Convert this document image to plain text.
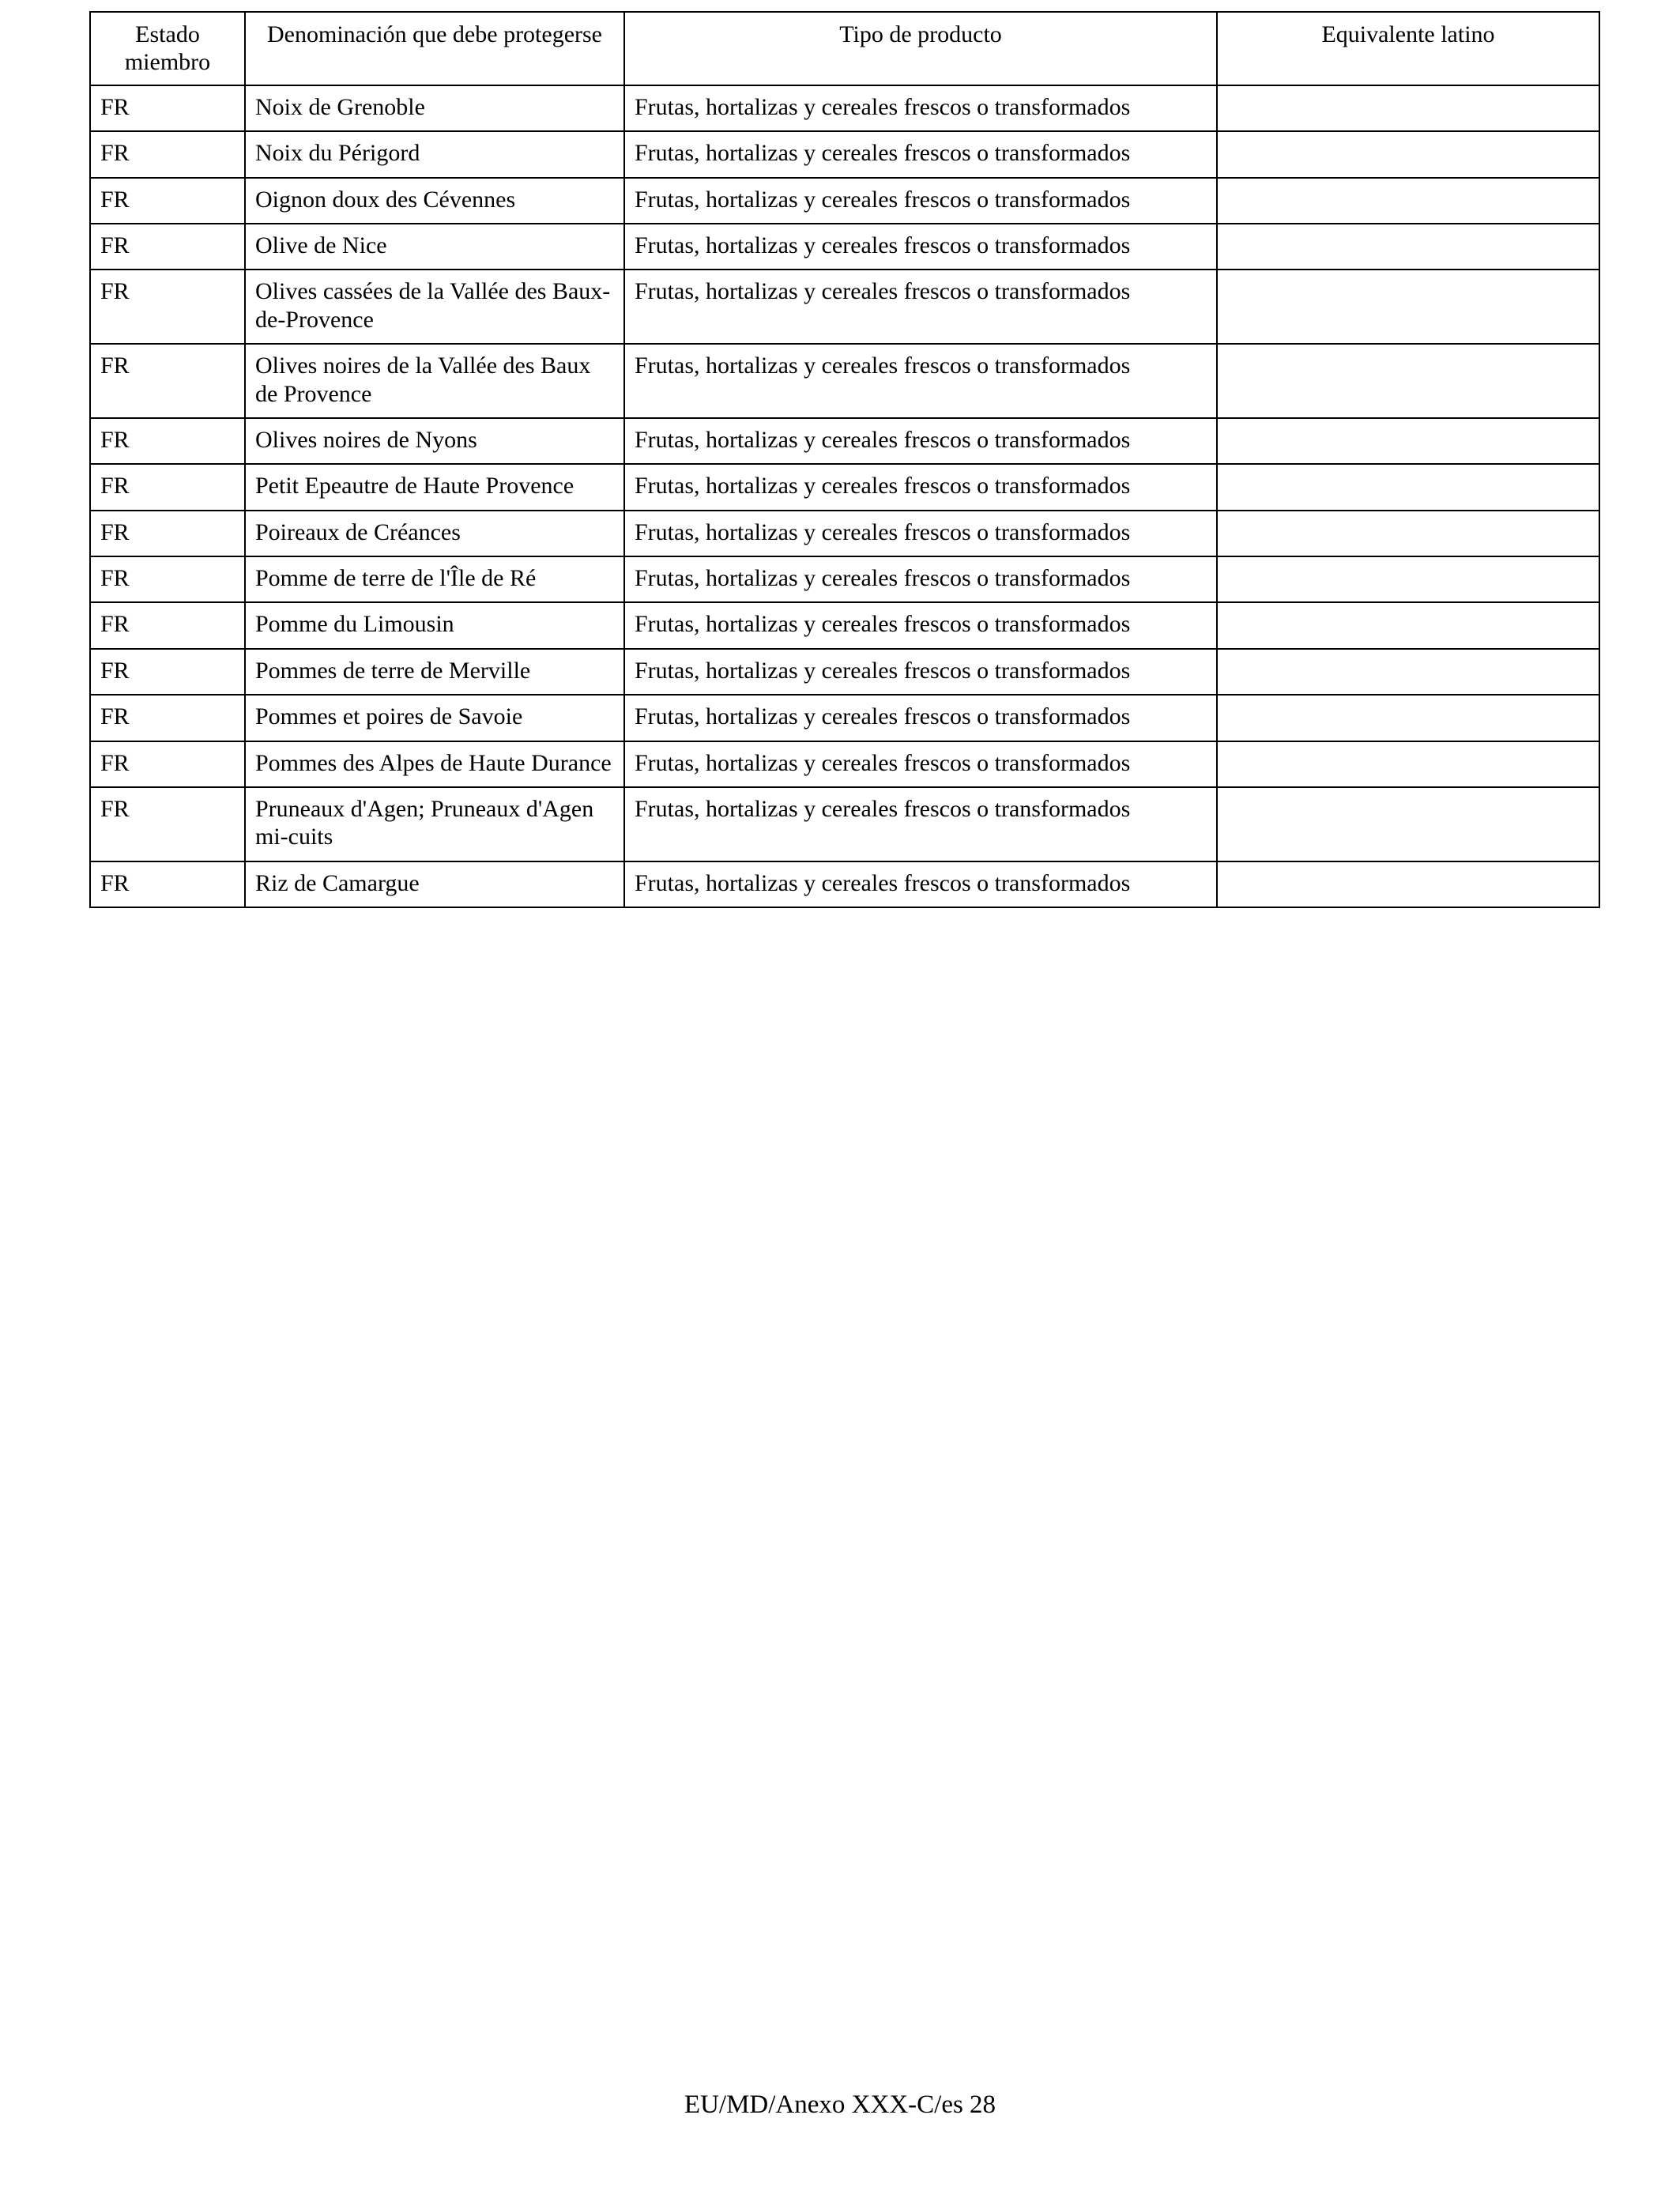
Estado miembro	Denominación que debe protegerse	Tipo de producto	Equivalente latino

FR	Noix de Grenoble	Frutas, hortalizas y cereales frescos o transformados	
FR	Noix du Périgord	Frutas, hortalizas y cereales frescos o transformados	
FR	Oignon doux des Cévennes	Frutas, hortalizas y cereales frescos o transformados	
FR	Olive de Nice	Frutas, hortalizas y cereales frescos o transformados	
FR	Olives cassées de la Vallée des Baux-de-Provence	Frutas, hortalizas y cereales frescos o transformados	
FR	Olives noires de la Vallée des Baux de Provence	Frutas, hortalizas y cereales frescos o transformados	
FR	Olives noires de Nyons	Frutas, hortalizas y cereales frescos o transformados	
FR	Petit Epeautre de Haute Provence	Frutas, hortalizas y cereales frescos o transformados	
FR	Poireaux de Créances	Frutas, hortalizas y cereales frescos o transformados	
FR	Pomme de terre de l'Île de Ré	Frutas, hortalizas y cereales frescos o transformados	
FR	Pomme du Limousin	Frutas, hortalizas y cereales frescos o transformados	
FR	Pommes de terre de Merville	Frutas, hortalizas y cereales frescos o transformados	
FR	Pommes et poires de Savoie	Frutas, hortalizas y cereales frescos o transformados	
FR	Pommes des Alpes de Haute Durance	Frutas, hortalizas y cereales frescos o transformados	
FR	Pruneaux d'Agen; Pruneaux d'Agen mi-cuits	Frutas, hortalizas y cereales frescos o transformados	
FR	Riz de Camargue	Frutas, hortalizas y cereales frescos o transformados	
EU/MD/Anexo XXX-C/es 28
